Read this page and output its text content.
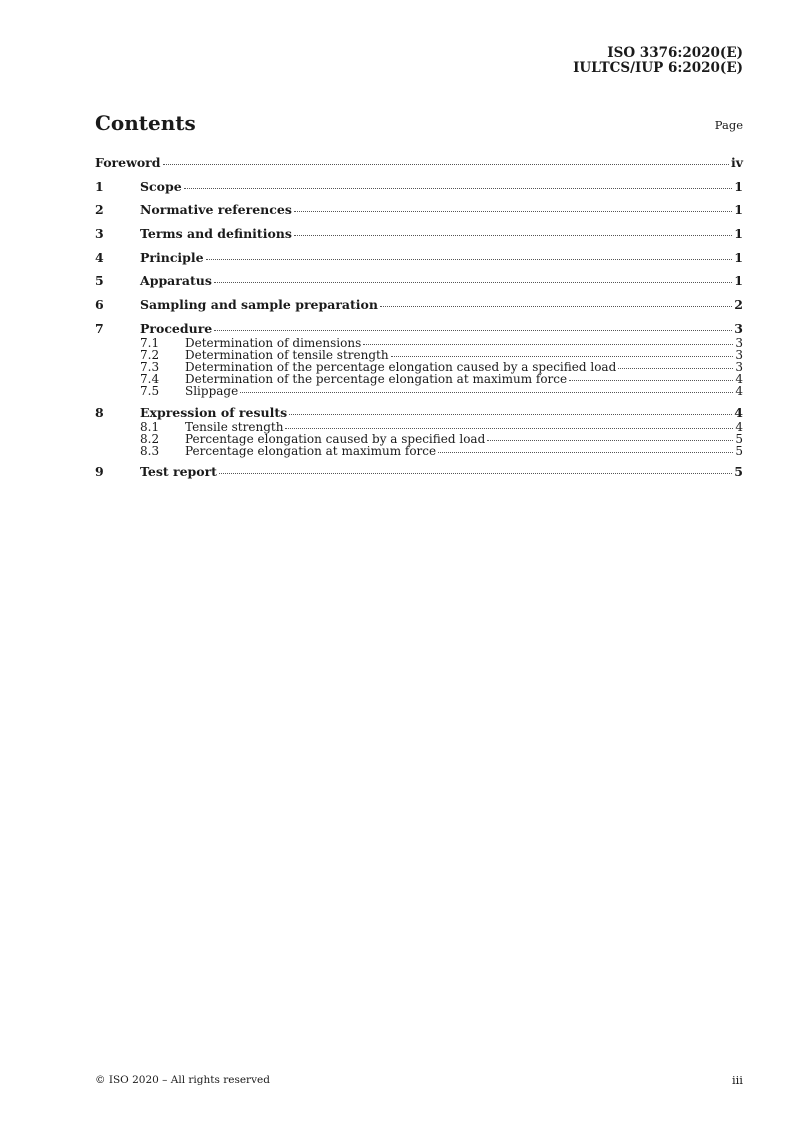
ISO 3376:2020(E)
IULTCS/IUP 6:2020(E)
Contents	Page
Foreword	iv
1	Scope	1
2	Normative references	1
3	Terms and definitions	1
4	Principle	1
5	Apparatus	1
6	Sampling and sample preparation	2
7	Procedure	3
7.1	Determination of dimensions	3
7.2	Determination of tensile strength	3
7.3	Determination of the percentage elongation caused by a specified load	3
7.4	Determination of the percentage elongation at maximum force	4
7.5	Slippage	4
8	Expression of results	4
8.1	Tensile strength	4
8.2	Percentage elongation caused by a specified load	5
8.3	Percentage elongation at maximum force	5
9	Test report	5
© ISO 2020 – All rights reserved	iii
